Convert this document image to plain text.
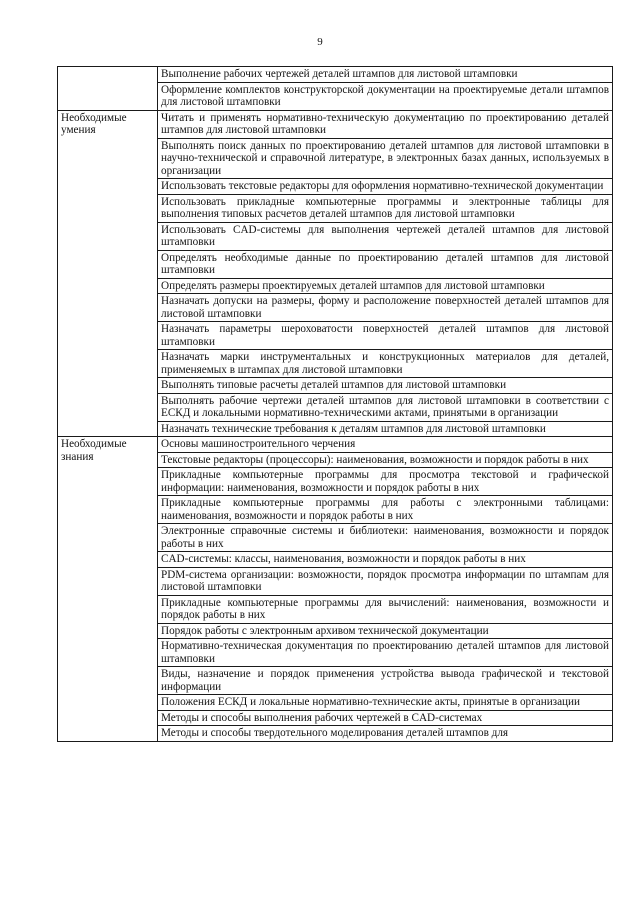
9
	Выполнение рабочих чертежей деталей штампов для листовой штамповки
	Оформление комплектов конструкторской документации на проектируемые детали штампов для листовой штамповки
Необходимые умения	Читать и применять нормативно-техническую документацию по проектированию деталей штампов для листовой штамповки
	Выполнять поиск данных по проектированию деталей штампов для листовой штамповки в научно-технической и справочной литературе, в электронных базах данных, используемых в организации
	Использовать текстовые редакторы для оформления нормативно-технической документации
	Использовать прикладные компьютерные программы и электронные таблицы для выполнения типовых расчетов деталей штампов для листовой штамповки
	Использовать CAD-системы для выполнения чертежей деталей штампов для листовой штамповки
	Определять необходимые данные по проектированию деталей штампов для листовой штамповки
	Определять размеры проектируемых деталей штампов для листовой штамповки
	Назначать допуски на размеры, форму и расположение поверхностей деталей штампов для листовой штамповки
	Назначать параметры шероховатости поверхностей деталей штампов для листовой штамповки
	Назначать марки инструментальных и конструкционных материалов для деталей, применяемых в штампах для листовой штамповки
	Выполнять типовые расчеты деталей штампов для листовой штамповки
	Выполнять рабочие чертежи деталей штампов для листовой штамповки в соответствии с ЕСКД и локальными нормативно-техническими актами, принятыми в организации
	Назначать технические требования к деталям штампов для листовой штамповки
Необходимые знания	Основы машиностроительного черчения
	Текстовые редакторы (процессоры): наименования, возможности и порядок работы в них
	Прикладные компьютерные программы для просмотра текстовой и графической информации: наименования, возможности и порядок работы в них
	Прикладные компьютерные программы для работы с электронными таблицами: наименования, возможности и порядок работы в них
	Электронные справочные системы и библиотеки: наименования, возможности и порядок работы в них
	CAD-системы: классы, наименования, возможности и порядок работы в них
	PDM-система организации: возможности, порядок просмотра информации по штампам для листовой штамповки
	Прикладные компьютерные программы для вычислений: наименования, возможности и порядок работы в них
	Порядок работы с электронным архивом технической документации
	Нормативно-техническая документация по проектированию деталей штампов для листовой штамповки
	Виды, назначение и порядок применения устройства вывода графической и текстовой информации
	Положения ЕСКД и локальные нормативно-технические акты, принятые в организации
	Методы и способы выполнения рабочих чертежей в CAD-системах
	Методы и способы твердотельного моделирования деталей штампов для
